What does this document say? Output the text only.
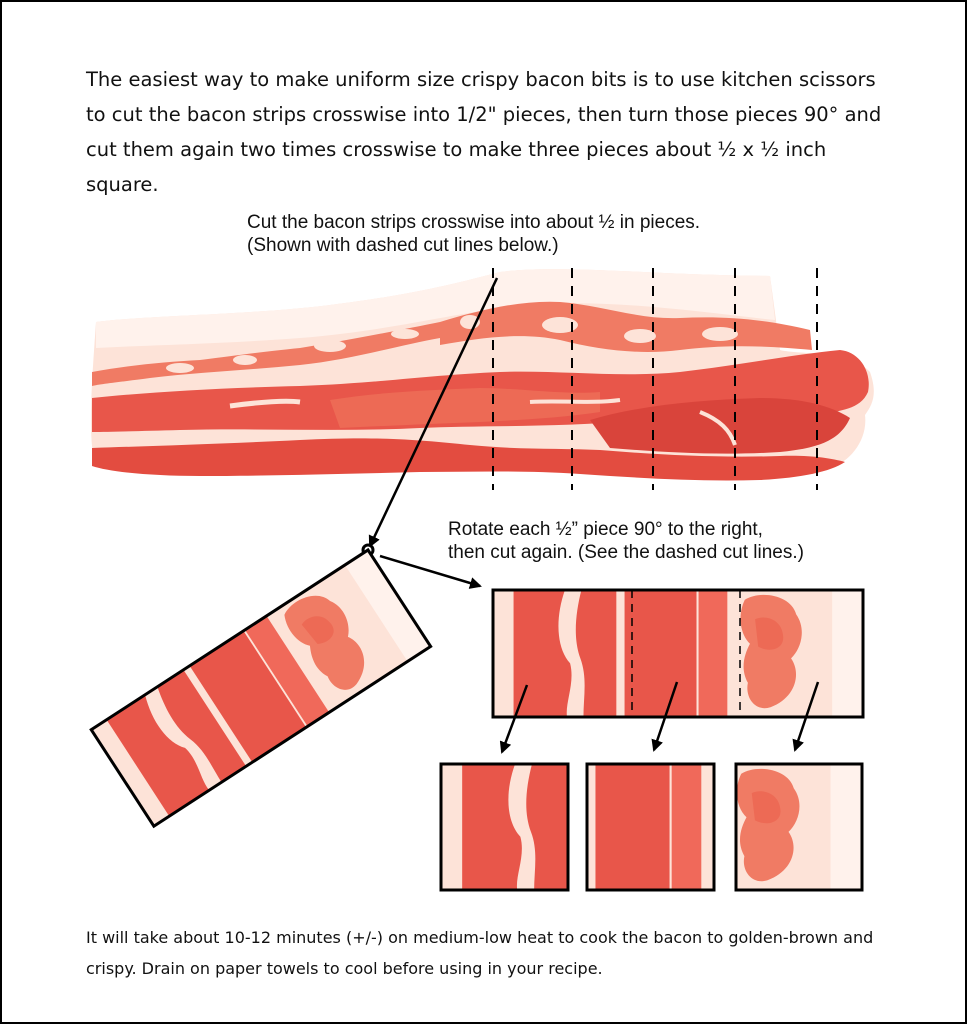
The easiest way to make uniform size crispy bacon bits is to use kitchen scissors to cut the bacon strips crosswise into 1/2" pieces, then turn those pieces 90° and cut them again two times crosswise to make three pieces about ½ x ½ inch square.

Cut the bacon strips crosswise into about ½ in pieces.
(Shown with dashed cut lines below.)
Rotate each ½” piece 90° to the right,
then cut again. (See the dashed cut lines.)

It will take about 10-12 minutes (+/-) on medium-low heat to cook the bacon to golden-brown and crispy. Drain on paper towels to cool before using in your recipe.
